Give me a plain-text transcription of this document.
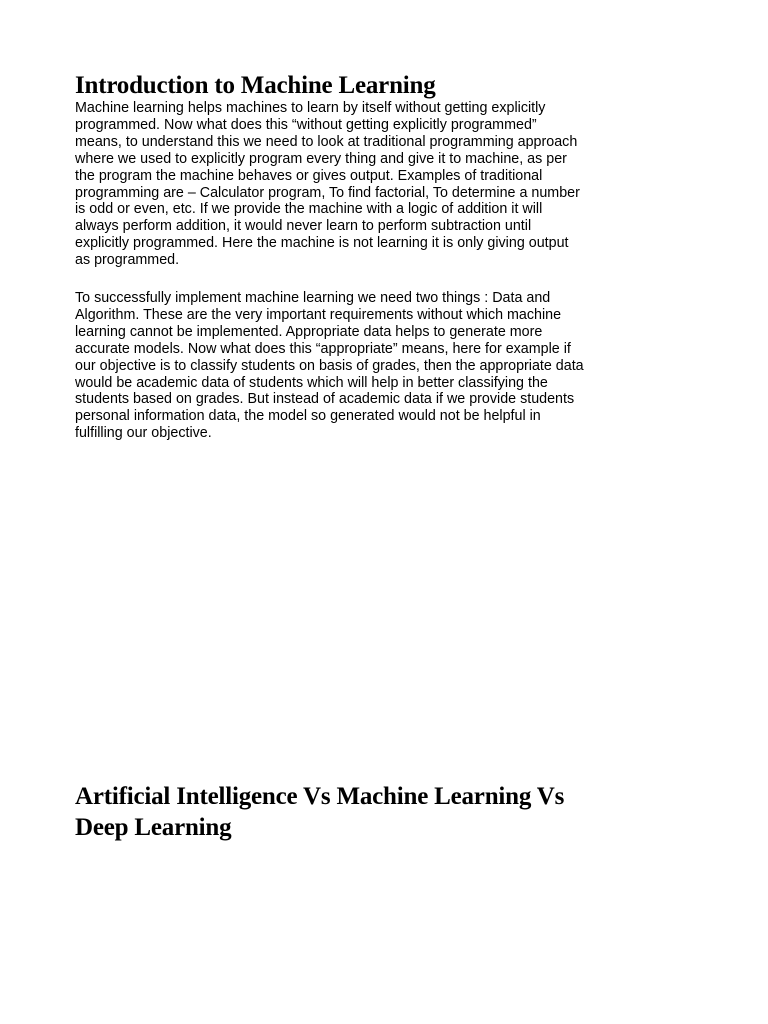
Introduction to Machine Learning

Machine learning helps machines to learn by itself without getting explicitly
programmed. Now what does this “without getting explicitly programmed”
means, to understand this we need to look at traditional programming approach
where we used to explicitly program every thing and give it to machine, as per
the program the machine behaves or gives output. Examples of traditional
programming are – Calculator program, To find factorial, To determine a number
is odd or even, etc. If we provide the machine with a logic of addition it will
always perform addition, it would never learn to perform subtraction until
explicitly programmed. Here the machine is not learning it is only giving output
as programmed.

To successfully implement machine learning we need two things : Data and
Algorithm. These are the very important requirements without which machine
learning cannot be implemented. Appropriate data helps to generate more
accurate models. Now what does this “appropriate” means, here for example if
our objective is to classify students on basis of grades, then the appropriate data
would be academic data of students which will help in better classifying the
students based on grades. But instead of academic data if we provide students
personal information data, the model so generated would not be helpful in
fulfilling our objective.

Artificial Intelligence Vs Machine Learning Vs
Deep Learning
